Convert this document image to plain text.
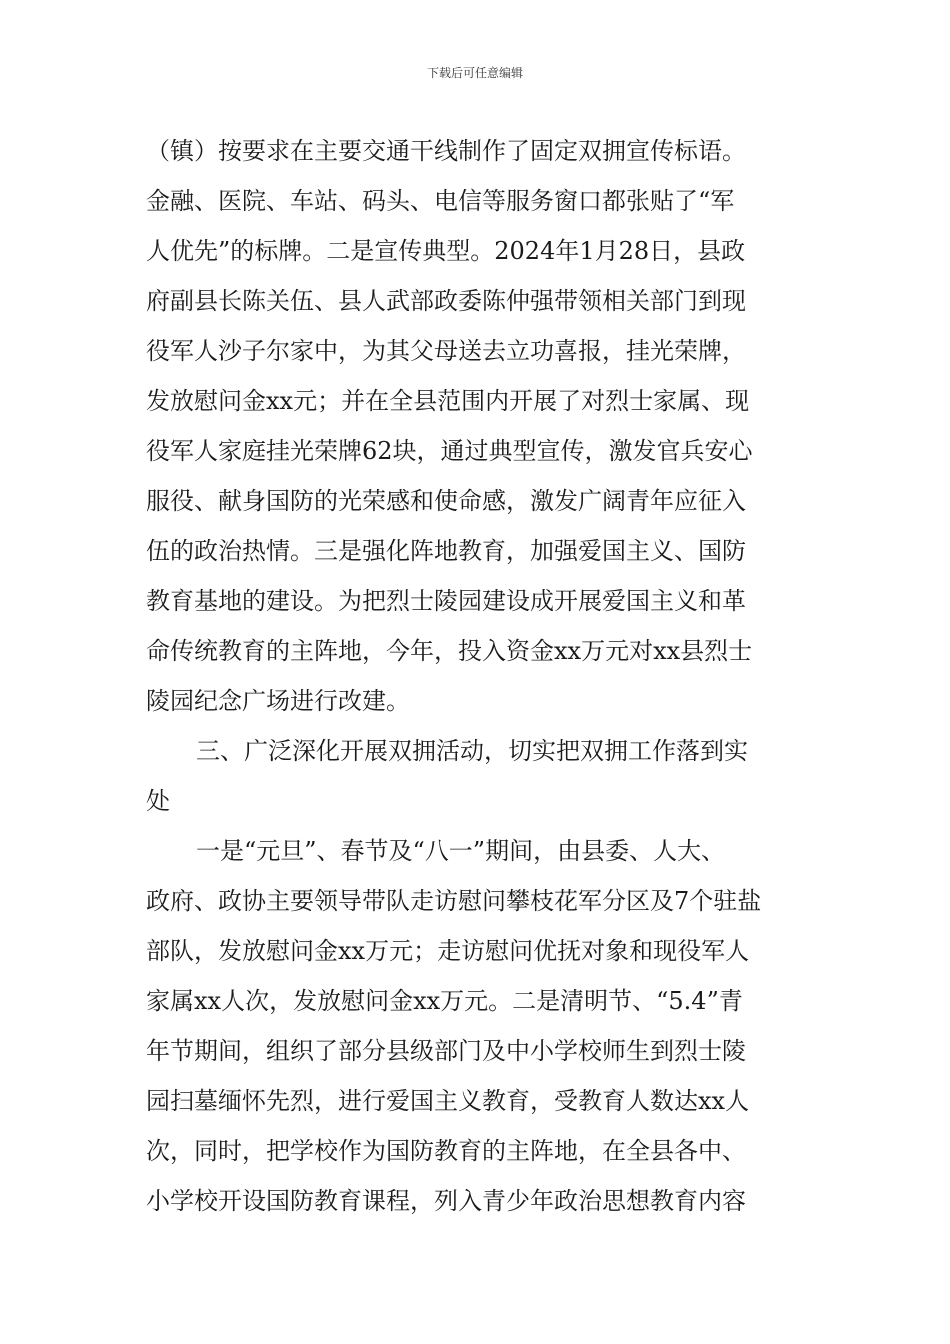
下载后可任意编辑
（镇）按要求在主要交通干线制作了固定双拥宣传标语。
金融、医院、车站、码头、电信等服务窗口都张贴了“军
人优先”的标牌。二是宣传典型。2024年1月28日，县政
府副县长陈关伍、县人武部政委陈仲强带领相关部门到现
役军人沙子尔家中，为其父母送去立功喜报，挂光荣牌，
发放慰问金xx元；并在全县范围内开展了对烈士家属、现
役军人家庭挂光荣牌62块，通过典型宣传，激发官兵安心
服役、献身国防的光荣感和使命感，激发广阔青年应征入
伍的政治热情。三是强化阵地教育，加强爱国主义、国防
教育基地的建设。为把烈士陵园建设成开展爱国主义和革
命传统教育的主阵地，今年，投入资金xx万元对xx县烈士
陵园纪念广场进行改建。
三、广泛深化开展双拥活动，切实把双拥工作落到实
处
一是“元旦”、春节及“八一”期间，由县委、人大、
政府、政协主要领导带队走访慰问攀枝花军分区及7个驻盐
部队，发放慰问金xx万元；走访慰问优抚对象和现役军人
家属xx人次，发放慰问金xx万元。二是清明节、“5.4”青
年节期间，组织了部分县级部门及中小学校师生到烈士陵
园扫墓缅怀先烈，进行爱国主义教育，受教育人数达xx人
次，同时，把学校作为国防教育的主阵地，在全县各中、
小学校开设国防教育课程，列入青少年政治思想教育内容
